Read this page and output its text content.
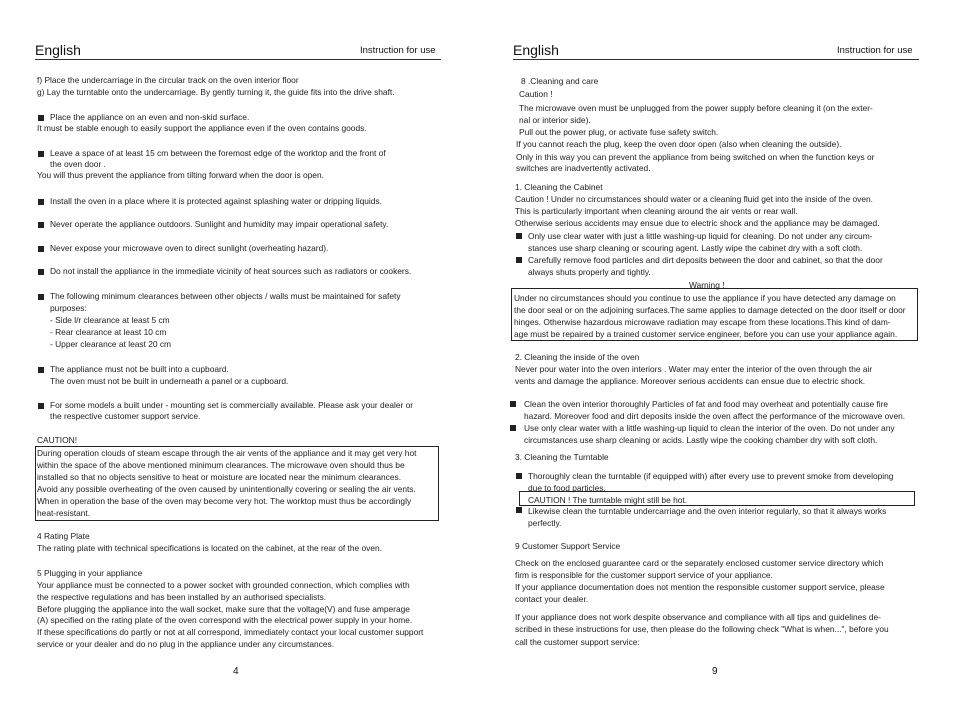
English	Instruction for use
f) Place the undercarriage in the circular track on the oven interior floor
g) Lay the turntable onto the undercarriage. By gently turning it, the guide fits into the drive shaft.
Place the appliance on an even and non-skid surface.
It must be stable enough to easily support the appliance even if the oven contains goods.
Leave a space of at least 15 cm between the foremost edge of the worktop and the front of
the oven door .
You will thus prevent the appliance from tilting forward when the door is open.
Install the oven in a place where it is protected against splashing water or dripping liquids.
Never operate the appliance outdoors. Sunlight and humidity may impair operational safety.
Never expose your microwave oven to direct sunlight (overheating hazard).
Do not install the appliance in the immediate vicinity of heat sources such as radiators or cookers.
The following minimum clearances between other objects / walls must be maintained for safety
purposes:
- Side l/r clearance at least 5 cm
- Rear clearance at least 10 cm
- Upper clearance at least 20 cm
The appliance must not be built into a cupboard.
The oven must not be built in underneath a panel or a cupboard.
For some models a built under - mounting set is commercially available. Please ask your dealer or
the respective customer support service.
CAUTION!
During operation clouds of steam escape through the air vents of the appliance and it may get very hot
within the space of the above mentioned minimum clearances. The microwave oven should thus be
installed so that no objects sensitive to heat or moisture are located near the minimum clearances.
Avoid any possible overheating of the oven caused by unintentionally covering or sealing the air vents.
When in operation the base of the oven may become very hot. The worktop must thus be accordingly
heat-resistant.
4 Rating Plate
The rating plate with technical specifications is located on the cabinet, at the rear of the oven.
5 Plugging in your appliance
Your appliance must be connected to a power socket with grounded connection, which complies with
the respective regulations and has been installed by an authorised specialists.
Before plugging the appliance into the wall socket, make sure that the voltage(V) and fuse amperage
(A) specified on the rating plate of the oven correspond with the electrical power supply in your home.
If these specifications do partly or not at all correspond, immediately contact your local customer support
service or your dealer and do no plug in the appliance under any circumstances.
4
English	Instruction for use
8 .Cleaning and care
Caution !
The microwave oven must be unplugged from the power supply before cleaning it (on the exter-
nal or interior side).
Pull out the power plug, or activate fuse safety switch.
If you cannot reach the plug, keep the oven door open (also when cleaning the outside).
Only in this way you can prevent the appliance from being switched on when the function keys or
switches are inadvertently activated.
1. Cleaning the Cabinet
Caution ! Under no circumstances should water or a cleaning fluid get into the inside of the oven.
This is particularly important when cleaning around the air vents or rear wall.
Otherwise serious accidents may ensue due to electric shock and the appliance may be damaged.
Only use clear water with just a little washing-up liquid for cleaning. Do not under any circum-
stances use sharp cleaning or scouring agent. Lastly wipe the cabinet dry with a soft cloth.
Carefully remove food particles and dirt deposits between the door and cabinet, so that the door
always shuts properly and tightly.
Warning !
Under no circumstances should you continue to use the appliance if you have detected any damage on
the door seal or on the adjoining surfaces.The same applies to damage detected on the door itself or door
hinges. Otherwise hazardous microwave radiation may escape from these locations.This kind of dam-
age must be repaired by a trained customer service engineer, before you can use your appliance again.
2. Cleaning the inside of the oven
Never pour water into the oven interiors . Water may enter the interior of the oven through the air
vents and damage the appliance. Moreover serious accidents can ensue due to electric shock.
Clean the oven interior thoroughly Particles of fat and food may overheat and potentially cause fire
hazard. Moreover food and dirt deposits inside the oven affect the performance of the microwave oven.
Use only clear water with a little washing-up liquid to clean the interior of the oven. Do not under any
circumstances use sharp cleaning or acids. Lastly wipe the cooking chamber dry with soft cloth.
3. Cleaning the Turntable
Thoroughly clean the turntable (if equipped with) after every use to prevent smoke from developing
due to food particles.
CAUTION ! The turntable might still be hot.
Likewise clean the turntable undercarriage and the oven interior regularly, so that it always works
perfectly.
9 Customer Support Service
Check on the enclosed guarantee card or the separately enclosed customer service directory which
firm is responsible for the customer support service of your appliance.
If your appliance documentation does not mention the responsible customer support service, please
contact your dealer.
If your appliance does not work despite observance and compliance with all tips and guidelines de-
scribed in these instructions for use, then please do the following check "What is when...", before you
call the customer support service:
9
